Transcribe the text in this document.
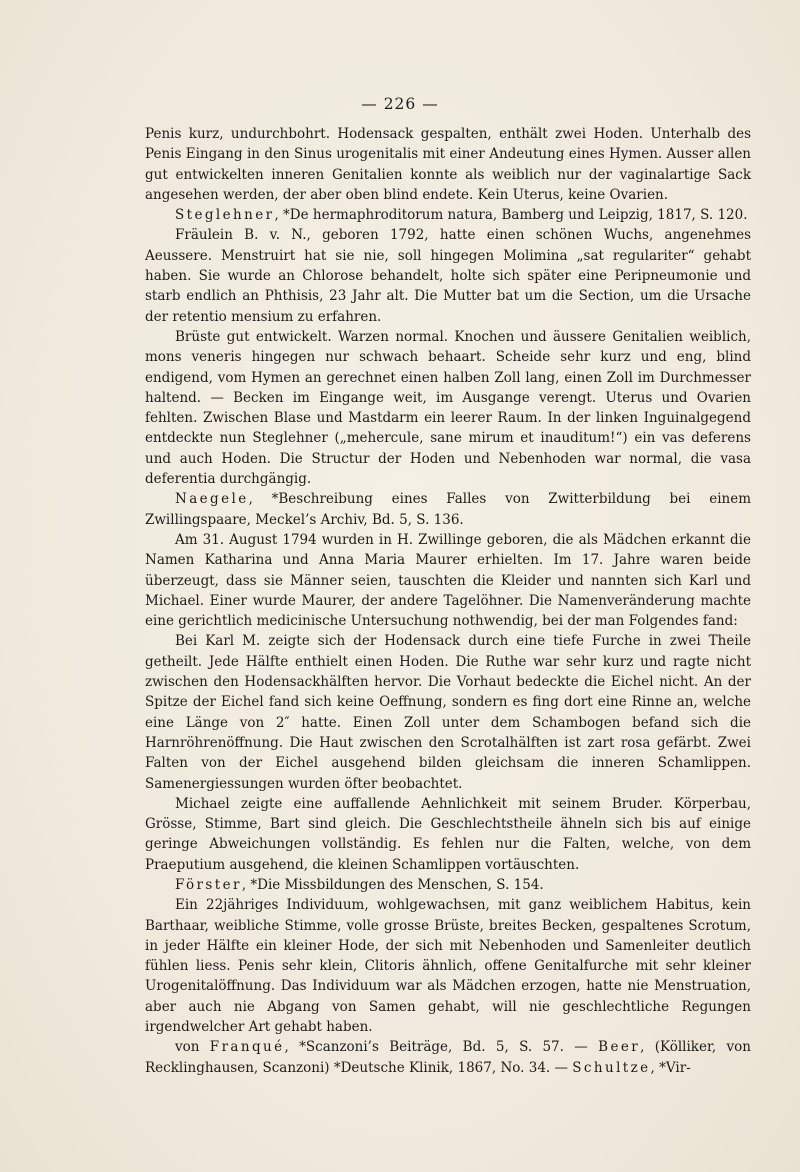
— 226 —

Penis kurz, undurchbohrt. Hodensack gespalten, enthält zwei Hoden. Unterhalb des Penis Eingang in den Sinus urogenitalis mit einer Andeutung eines Hymen. Ausser allen gut entwickelten inneren Genitalien konnte als weiblich nur der vaginalartige Sack angesehen werden, der aber oben blind endete. Kein Uterus, keine Ovarien.

Steglehner, *De hermaphroditorum natura, Bamberg und Leipzig, 1817, S. 120.

Fräulein B. v. N., geboren 1792, hatte einen schönen Wuchs, angenehmes Aeussere. Menstruirt hat sie nie, soll hingegen Molimina „sat regulariter“ gehabt haben. Sie wurde an Chlorose behandelt, holte sich später eine Peripneumonie und starb endlich an Phthisis, 23 Jahr alt. Die Mutter bat um die Section, um die Ursache der retentio mensium zu erfahren.

Brüste gut entwickelt. Warzen normal. Knochen und äussere Genitalien weiblich, mons veneris hingegen nur schwach behaart. Scheide sehr kurz und eng, blind endigend, vom Hymen an gerechnet einen halben Zoll lang, einen Zoll im Durchmesser haltend. — Becken im Eingange weit, im Ausgange verengt. Uterus und Ovarien fehlten. Zwischen Blase und Mastdarm ein leerer Raum. In der linken Inguinalgegend entdeckte nun Steglehner („mehercule, sane mirum et inauditum!“) ein vas deferens und auch Hoden. Die Structur der Hoden und Nebenhoden war normal, die vasa deferentia durchgängig.

Naegele, *Beschreibung eines Falles von Zwitterbildung bei einem Zwillingspaare, Meckel’s Archiv, Bd. 5, S. 136.

Am 31. August 1794 wurden in H. Zwillinge geboren, die als Mädchen erkannt die Namen Katharina und Anna Maria Maurer erhielten. Im 17. Jahre waren beide überzeugt, dass sie Männer seien, tauschten die Kleider und nannten sich Karl und Michael. Einer wurde Maurer, der andere Tagelöhner. Die Namenveränderung machte eine gerichtlich medicinische Untersuchung nothwendig, bei der man Folgendes fand:

Bei Karl M. zeigte sich der Hodensack durch eine tiefe Furche in zwei Theile getheilt. Jede Hälfte enthielt einen Hoden. Die Ruthe war sehr kurz und ragte nicht zwischen den Hodensackhälften hervor. Die Vorhaut bedeckte die Eichel nicht. An der Spitze der Eichel fand sich keine Oeffnung, sondern es fing dort eine Rinne an, welche eine Länge von 2″ hatte. Einen Zoll unter dem Schambogen befand sich die Harnröhrenöffnung. Die Haut zwischen den Scrotalhälften ist zart rosa gefärbt. Zwei Falten von der Eichel ausgehend bilden gleichsam die inneren Schamlippen. Samenergiessungen wurden öfter beobachtet.

Michael zeigte eine auffallende Aehnlichkeit mit seinem Bruder. Körperbau, Grösse, Stimme, Bart sind gleich. Die Geschlechtstheile ähneln sich bis auf einige geringe Abweichungen vollständig. Es fehlen nur die Falten, welche, von dem Praeputium ausgehend, die kleinen Schamlippen vortäuschten.

Förster, *Die Missbildungen des Menschen, S. 154.

Ein 22jähriges Individuum, wohlgewachsen, mit ganz weiblichem Habitus, kein Barthaar, weibliche Stimme, volle grosse Brüste, breites Becken, gespaltenes Scrotum, in jeder Hälfte ein kleiner Hode, der sich mit Nebenhoden und Samenleiter deutlich fühlen liess. Penis sehr klein, Clitoris ähnlich, offene Genitalfurche mit sehr kleiner Urogenitalöffnung. Das Individuum war als Mädchen erzogen, hatte nie Menstruation, aber auch nie Abgang von Samen gehabt, will nie geschlechtliche Regungen irgendwelcher Art gehabt haben.

von Franqué, *Scanzoni’s Beiträge, Bd. 5, S. 57. — Beer, (Kölliker, von Recklinghausen, Scanzoni) *Deutsche Klinik, 1867, No. 34. — Schultze, *Vir-
